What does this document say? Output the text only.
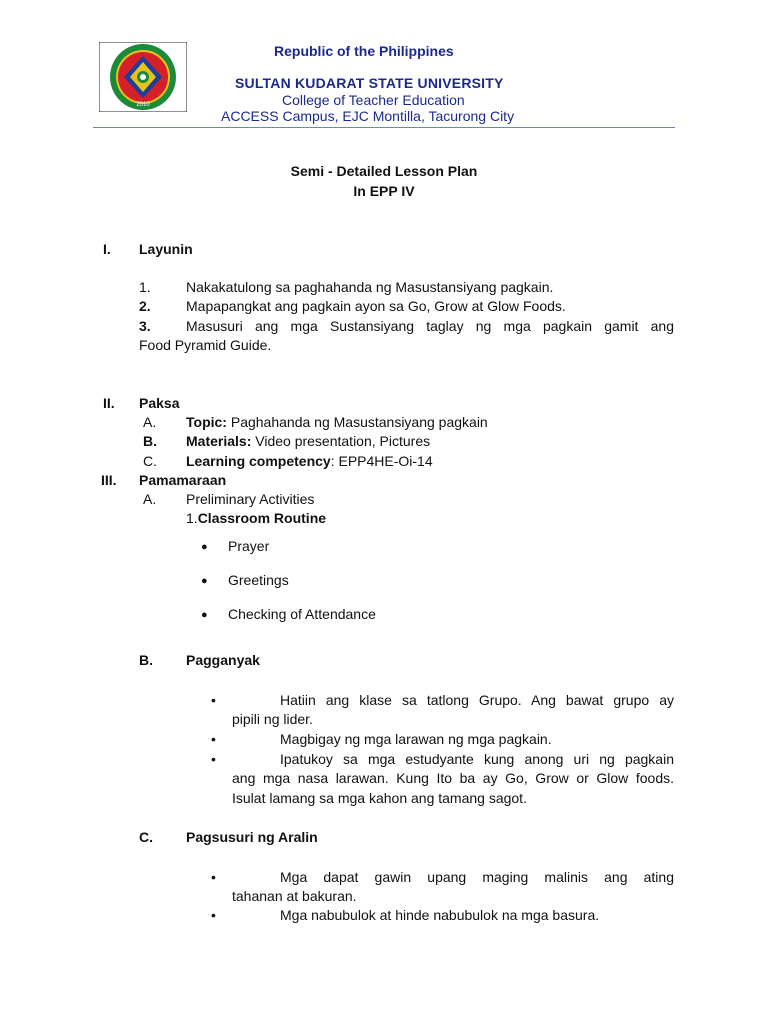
2010
Republic of the Philippines
SULTAN KUDARAT STATE UNIVERSITY
College of Teacher Education
ACCESS Campus, EJC Montilla, Tacurong City
Semi - Detailed Lesson Plan
In EPP IV
I. Layunin
1.	Nakakatulong sa paghahanda ng Masustansiyang pagkain.
2.	Mapapangkat ang pagkain ayon sa Go, Grow at Glow Foods.
3.	Masusuri ang mga Sustansiyang taglay ng mga pagkain gamit ang
Food Pyramid Guide.
II. Paksa
A. Topic: Paghahanda ng Masustansiyang pagkain
B. Materials: Video presentation, Pictures
C. Learning competency: EPP4HE-Oi-14
III. Pamamaraan
A. Preliminary Activities
1.Classroom Routine
● Prayer
● Greetings
● Checking of Attendance
B. Pagganyak
•	Hatiin ang klase sa tatlong Grupo. Ang bawat grupo ay
pipili ng lider.
•	Magbigay ng mga larawan ng mga pagkain.
•	Ipatukoy sa mga estudyante kung anong uri ng pagkain
ang mga nasa larawan. Kung Ito ba ay Go, Grow or Glow foods.
Isulat lamang sa mga kahon ang tamang sagot.
C. Pagsusuri ng Aralin
•	Mga dapat gawin upang maging malinis ang ating
tahanan at bakuran.
•	Mga nabubulok at hinde nabubulok na mga basura.
